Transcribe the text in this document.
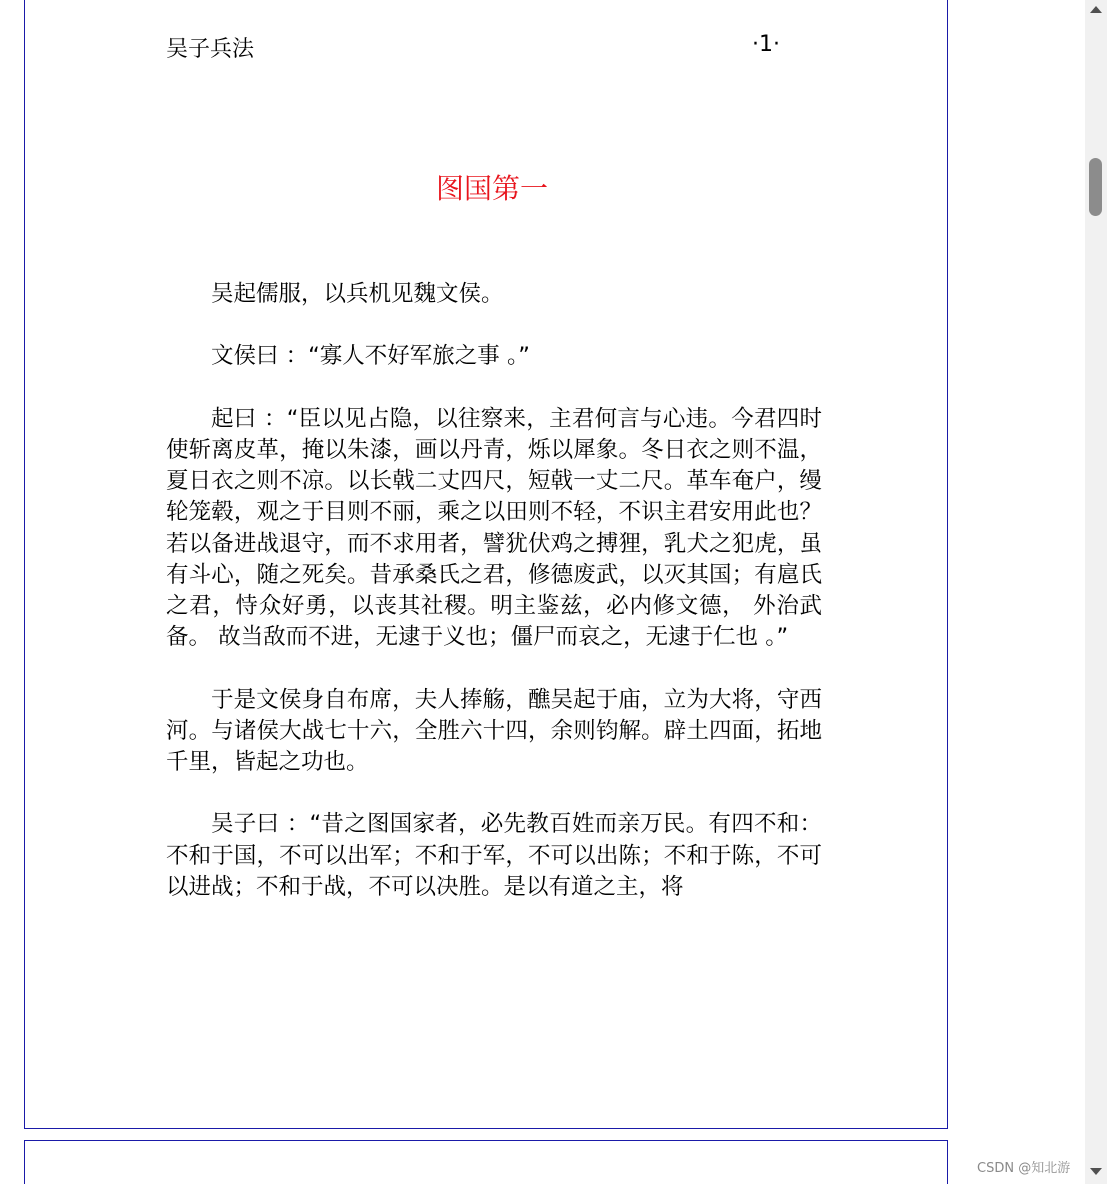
吴子兵法	·1·
图国第一

吴起儒服，以兵机见魏文侯。

文侯曰 ：“寡人不好军旅之事 。”

起曰 ：“臣以见占隐，以往察来，主君何言与心违。今君四时使斩离皮革，掩以朱漆，画以丹青，烁以犀象。冬日衣之则不温，夏日衣之则不凉。以长戟二丈四尺，短戟一丈二尺。革车奄户，缦轮笼毂，观之于目则不丽，乘之以田则不轻，不识主君安用此也？若以备进战退守，而不求用者，譬犹伏鸡之搏狸，乳犬之犯虎，虽有斗心，随之死矣。昔承桑氏之君，修德废武，以灭其国；有扈氏之君，恃众好勇，以丧其社稷。明主鉴兹，必内修文德， 外治武备。 故当敌而不进，无逮于义也；僵尸而哀之，无逮于仁也 。”

于是文侯身自布席，夫人捧觞，醮吴起于庙，立为大将，守西河。与诸侯大战七十六，全胜六十四，余则钧解。辟土四面，拓地千里，皆起之功也。

吴子曰 ：“昔之图国家者，必先教百姓而亲万民。有四不和：不和于国，不可以出军；不和于军，不可以出陈；不和于陈，不可以进战；不和于战，不可以决胜。是以有道之主，将

CSDN @知北游
